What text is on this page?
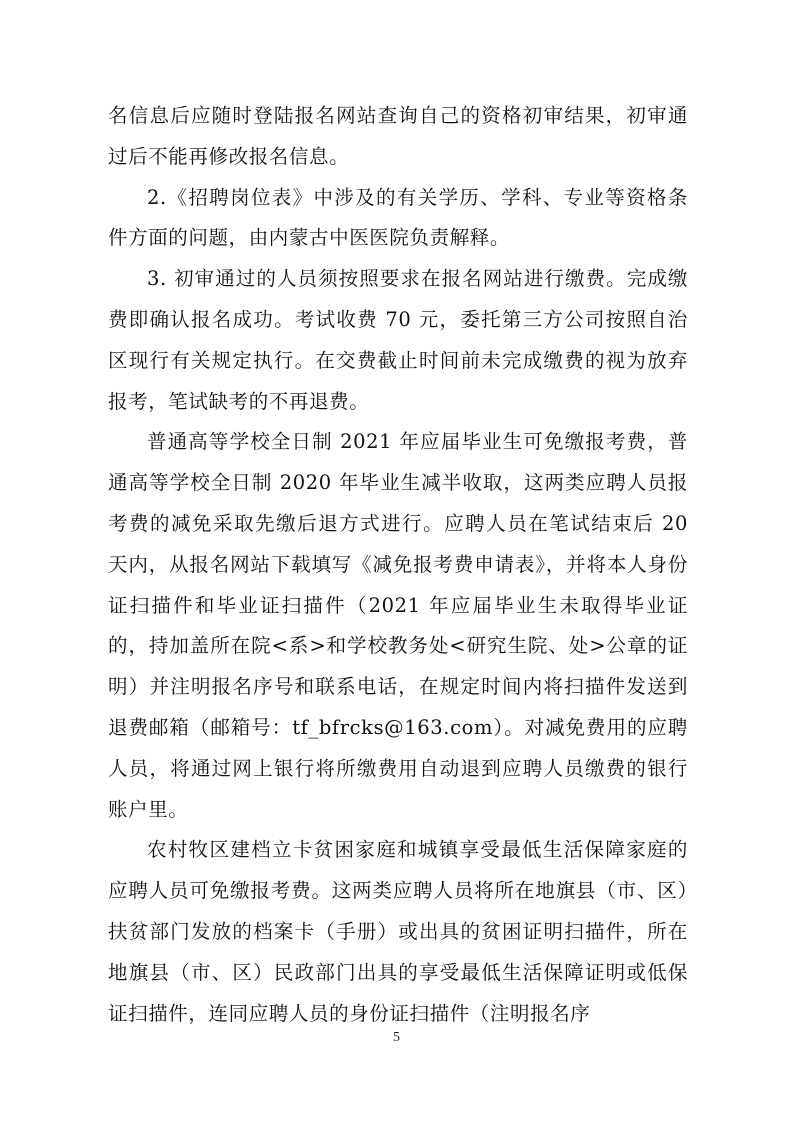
名信息后应随时登陆报名网站查询自己的资格初审结果，初审通过后不能再修改报名信息。

2.《招聘岗位表》中涉及的有关学历、学科、专业等资格条件方面的问题，由内蒙古中医医院负责解释。

3. 初审通过的人员须按照要求在报名网站进行缴费。完成缴费即确认报名成功。考试收费 70 元，委托第三方公司按照自治区现行有关规定执行。在交费截止时间前未完成缴费的视为放弃报考，笔试缺考的不再退费。

普通高等学校全日制 2021 年应届毕业生可免缴报考费，普通高等学校全日制 2020 年毕业生减半收取，这两类应聘人员报考费的减免采取先缴后退方式进行。应聘人员在笔试结束后 20 天内，从报名网站下载填写《减免报考费申请表》，并将本人身份证扫描件和毕业证扫描件（2021 年应届毕业生未取得毕业证的，持加盖所在院<系>和学校教务处<研究生院、处>公章的证明）并注明报名序号和联系电话，在规定时间内将扫描件发送到退费邮箱（邮箱号：tf_bfrcks@163.com）。对减免费用的应聘人员，将通过网上银行将所缴费用自动退到应聘人员缴费的银行账户里。

农村牧区建档立卡贫困家庭和城镇享受最低生活保障家庭的应聘人员可免缴报考费。这两类应聘人员将所在地旗县（市、区）扶贫部门发放的档案卡（手册）或出具的贫困证明扫描件，所在地旗县（市、区）民政部门出具的享受最低生活保障证明或低保证扫描件，连同应聘人员的身份证扫描件（注明报名序

5
